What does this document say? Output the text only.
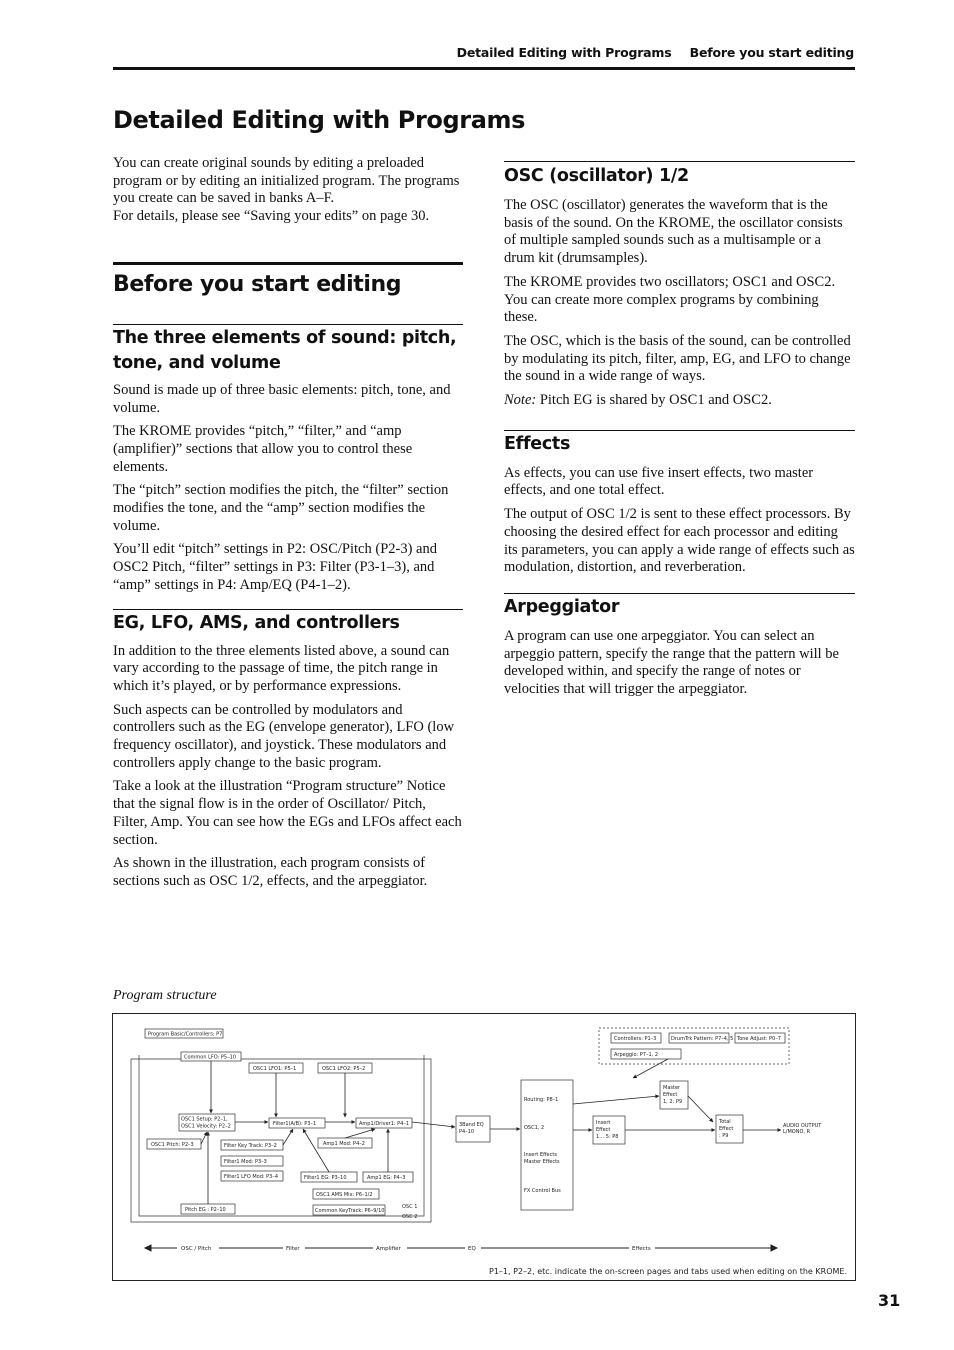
Detailed Editing with Programs Before you start editing
Detailed Editing with Programs

You can create original sounds by editing a preloaded program or by editing an initialized program. The programs you create can be saved in banks A–F.
For details, please see “Saving your edits” on page 30.

Before you start editing
The three elements of sound: pitch, tone, and volume

Sound is made up of three basic elements: pitch, tone, and volume.

The KROME provides “pitch,” “filter,” and “amp (amplifier)” sections that allow you to control these elements.

The “pitch” section modifies the pitch, the “filter” section modifies the tone, and the “amp” section modifies the volume.

You’ll edit “pitch” settings in P2: OSC/Pitch (P2-3) and OSC2 Pitch, “filter” settings in P3: Filter (P3-1–3), and “amp” settings in P4: Amp/EQ (P4-1–2).

EG, LFO, AMS, and controllers

In addition to the three elements listed above, a sound can vary according to the passage of time, the pitch range in which it’s played, or by performance expressions.

Such aspects can be controlled by modulators and controllers such as the EG (envelope generator), LFO (low frequency oscillator), and joystick. These modulators and controllers apply change to the basic program.

Take a look at the illustration “Program structure” Notice that the signal flow is in the order of Oscillator/ Pitch, Filter, Amp. You can see how the EGs and LFOs affect each section.

As shown in the illustration, each program consists of sections such as OSC 1/2, effects, and the arpeggiator.

OSC (oscillator) 1/2

The OSC (oscillator) generates the waveform that is the basis of the sound. On the KROME, the oscillator consists of multiple sampled sounds such as a multisample or a drum kit (drumsamples).

The KROME provides two oscillators; OSC1 and OSC2. You can create more complex programs by combining these.

The OSC, which is the basis of the sound, can be controlled by modulating its pitch, filter, amp, EG, and LFO to change the sound in a wide range of ways.

Note: Pitch EG is shared by OSC1 and OSC2.

Effects

As effects, you can use five insert effects, two master effects, and one total effect.

The output of OSC 1/2 is sent to these effect processors. By choosing the desired effect for each processor and editing its parameters, you can apply a wide range of effects such as modulation, distortion, and reverberation.

Arpeggiator

A program can use one arpeggiator. You can select an arpeggio pattern, specify the range that the pattern will be developed within, and specify the range of notes or velocities that will trigger the arpeggiator.

Program structure
Program Basic/Controllers: P7
Common LFO: P5–10
OSC1 LFO1: P5–1	OSC1 LFO2: P5–2
OSC1 Setup: P2–1,
OSC1 Velocity: P2–2	Filter1(A/B): P3–1	Amp1/Driver1: P4–1
OSC1 Pitch: P2–3	Filter Key Track: P3–2	Amp1 Mod: P4–2
Filter1 Mod: P3–3
Filter1 LFO Mod: P3–4	Filter1 EG: P3–10	Amp1 EG: P4–3
OSC1 AMS Mix: P6–1/2
Pitch EG : P2–10	Common KeyTrack: P6–9/10
3Band EQ
P4–10
Routing: P8–1
OSC1, 2
Insert Effects
Master Effects
FX Control Bus
Controllers: P1–3	DrumTrk Pattern: P7–4, 5 Tone Adjust: P0–7
Arpeggio: P7–1, 2
Master
Effect
1, 2: P9
Insert
Effect
1… 5: P8
Total
Effect
: P9
AUDIO OUTPUT
L/MONO, R
OSC 1
OSC 2
OSC / Pitch	Filter	Amplifier	EQ	Effects
P1–1, P2–2, etc. indicate the on-screen pages and tabs used when editing on the KROME.
31
